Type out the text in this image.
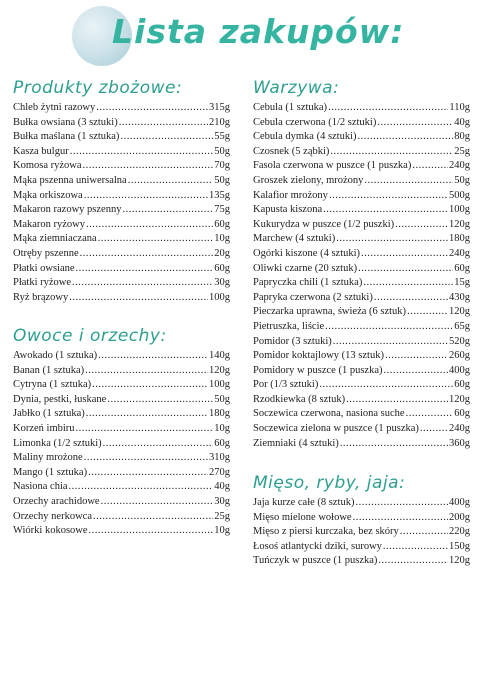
Lista zakupów:
Produkty zbożowe:
Chleb żytni razowy .....	315g
Bułka owsiana (3 sztuki) .....	210g
Bułka maślana (1 sztuka) .....	55g
Kasza bulgur .....	50g
Komosa ryżowa .....	70g
Mąka pszenna uniwersalna .....	50g
Mąka orkiszowa .....	135g
Makaron razowy pszenny .....	75g
Makaron ryżowy .....	60g
Mąka ziemniaczana .....	10g
Otręby pszenne .....	20g
Płatki owsiane .....	60g
Płatki ryżowe .....	30g
Ryż brązowy .....	100g
Owoce i orzechy:
Awokado (1 sztuka) .....	140g
Banan (1 sztuka) .....	120g
Cytryna (1 sztuka) .....	100g
Dynia, pestki, łuskane .....	50g
Jabłko (1 sztuka) .....	180g
Korzeń imbiru .....	10g
Limonka (1/2 sztuki) .....	60g
Maliny mrożone .....	310g
Mango (1 sztuka) .....	270g
Nasiona chia .....	40g
Orzechy arachidowe .....	30g
Orzechy nerkowca .....	25g
Wiórki kokosowe .....	10g
Warzywa:
Cebula (1 sztuka) .....	110g
Cebula czerwona (1/2 sztuki) .....	40g
Cebula dymka (4 sztuki) .....	80g
Czosnek (5 ząbki) .....	25g
Fasola czerwona w puszce (1 puszka) .....	240g
Groszek zielony, mrożony .....	50g
Kalafior mrożony .....	500g
Kapusta kiszona .....	100g
Kukurydza w puszce (1/2 puszki) .....	120g
Marchew (4 sztuki) .....	180g
Ogórki kiszone (4 sztuki) .....	240g
Oliwki czarne (20 sztuk) .....	60g
Papryczka chili (1 sztuka) .....	15g
Papryka czerwona (2 sztuki) .....	430g
Pieczarka uprawna, świeża (6 sztuk) .....	120g
Pietruszka, liście .....	65g
Pomidor (3 sztuki) .....	520g
Pomidor koktajlowy (13 sztuk) .....	260g
Pomidory w puszce (1 puszka) .....	400g
Por (1/3 sztuki) .....	60g
Rzodkiewka (8 sztuk) .....	120g
Soczewica czerwona, nasiona suche .....	60g
Soczewica zielona w puszce (1 puszka) .....	240g
Ziemniaki (4 sztuki) .....	360g
Mięso, ryby, jaja:
Jaja kurze całe (8 sztuk) .....	400g
Mięso mielone wołowe .....	200g
Mięso z piersi kurczaka, bez skóry .....	220g
Łosoś atlantycki dziki, surowy .....	150g
Tuńczyk w puszce (1 puszka) .....	120g
